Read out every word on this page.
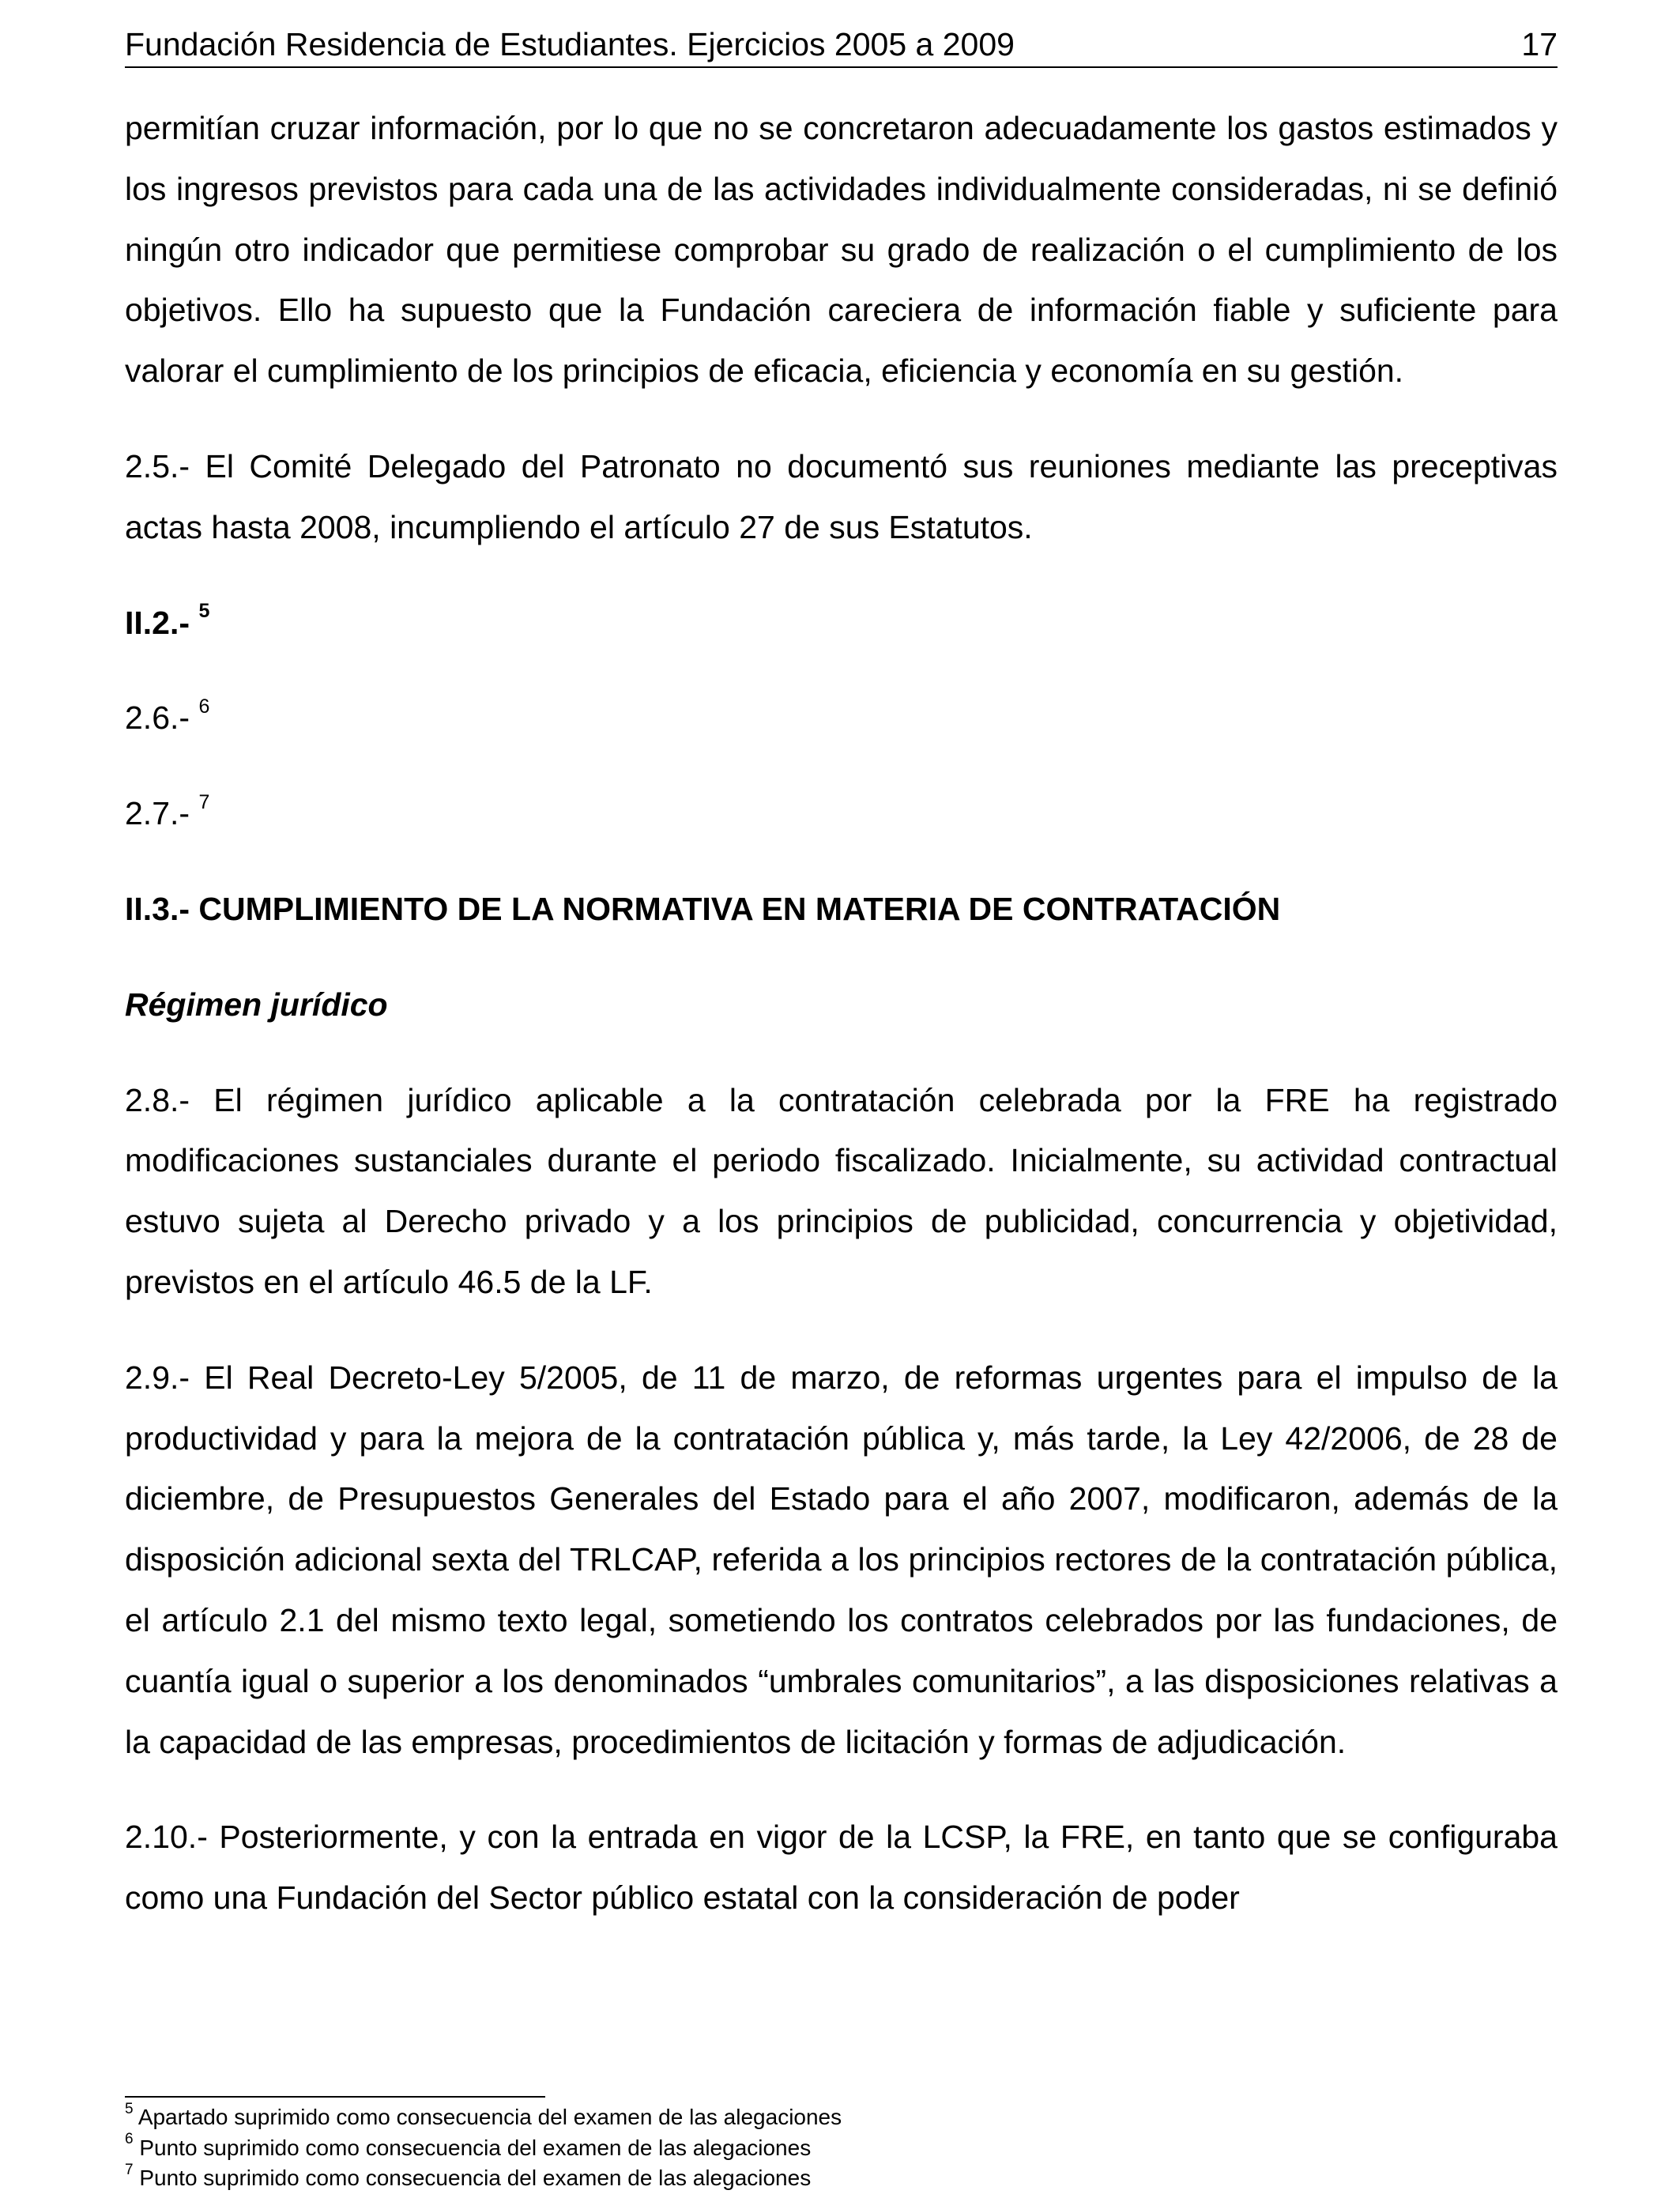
Fundación Residencia de Estudiantes. Ejercicios 2005 a 2009	17

permitían cruzar información, por lo que no se concretaron adecuadamente los gastos estimados y los ingresos previstos para cada una de las actividades individualmente consideradas, ni se definió ningún otro indicador que permitiese comprobar su grado de realización o el cumplimiento de los objetivos. Ello ha supuesto que la Fundación careciera de información fiable y suficiente para valorar el cumplimiento de los principios de eficacia, eficiencia y economía en su gestión.

2.5.- El Comité Delegado del Patronato no documentó sus reuniones mediante las preceptivas actas hasta 2008, incumpliendo el artículo 27 de sus Estatutos.

II.2.- $^5$

2.6.- $^6$

2.7.- $^7$

II.3.- CUMPLIMIENTO DE LA NORMATIVA EN MATERIA DE CONTRATACIÓN

Régimen jurídico

2.8.- El régimen jurídico aplicable a la contratación celebrada por la FRE ha registrado modificaciones sustanciales durante el periodo fiscalizado. Inicialmente, su actividad contractual estuvo sujeta al Derecho privado y a los principios de publicidad, concurrencia y objetividad, previstos en el artículo 46.5 de la LF.

2.9.- El Real Decreto-Ley 5/2005, de 11 de marzo, de reformas urgentes para el impulso de la productividad y para la mejora de la contratación pública y, más tarde, la Ley 42/2006, de 28 de diciembre, de Presupuestos Generales del Estado para el año 2007, modificaron, además de la disposición adicional sexta del TRLCAP, referida a los principios rectores de la contratación pública, el artículo 2.1 del mismo texto legal, sometiendo los contratos celebrados por las fundaciones, de cuantía igual o superior a los denominados “umbrales comunitarios”, a las disposiciones relativas a la capacidad de las empresas, procedimientos de licitación y formas de adjudicación.

2.10.- Posteriormente, y con la entrada en vigor de la LCSP, la FRE, en tanto que se configuraba como una Fundación del Sector público estatal con la consideración de poder

$^5$ Apartado suprimido como consecuencia del examen de las alegaciones
$^6$ Punto suprimido como consecuencia del examen de las alegaciones
$^7$ Punto suprimido como consecuencia del examen de las alegaciones
